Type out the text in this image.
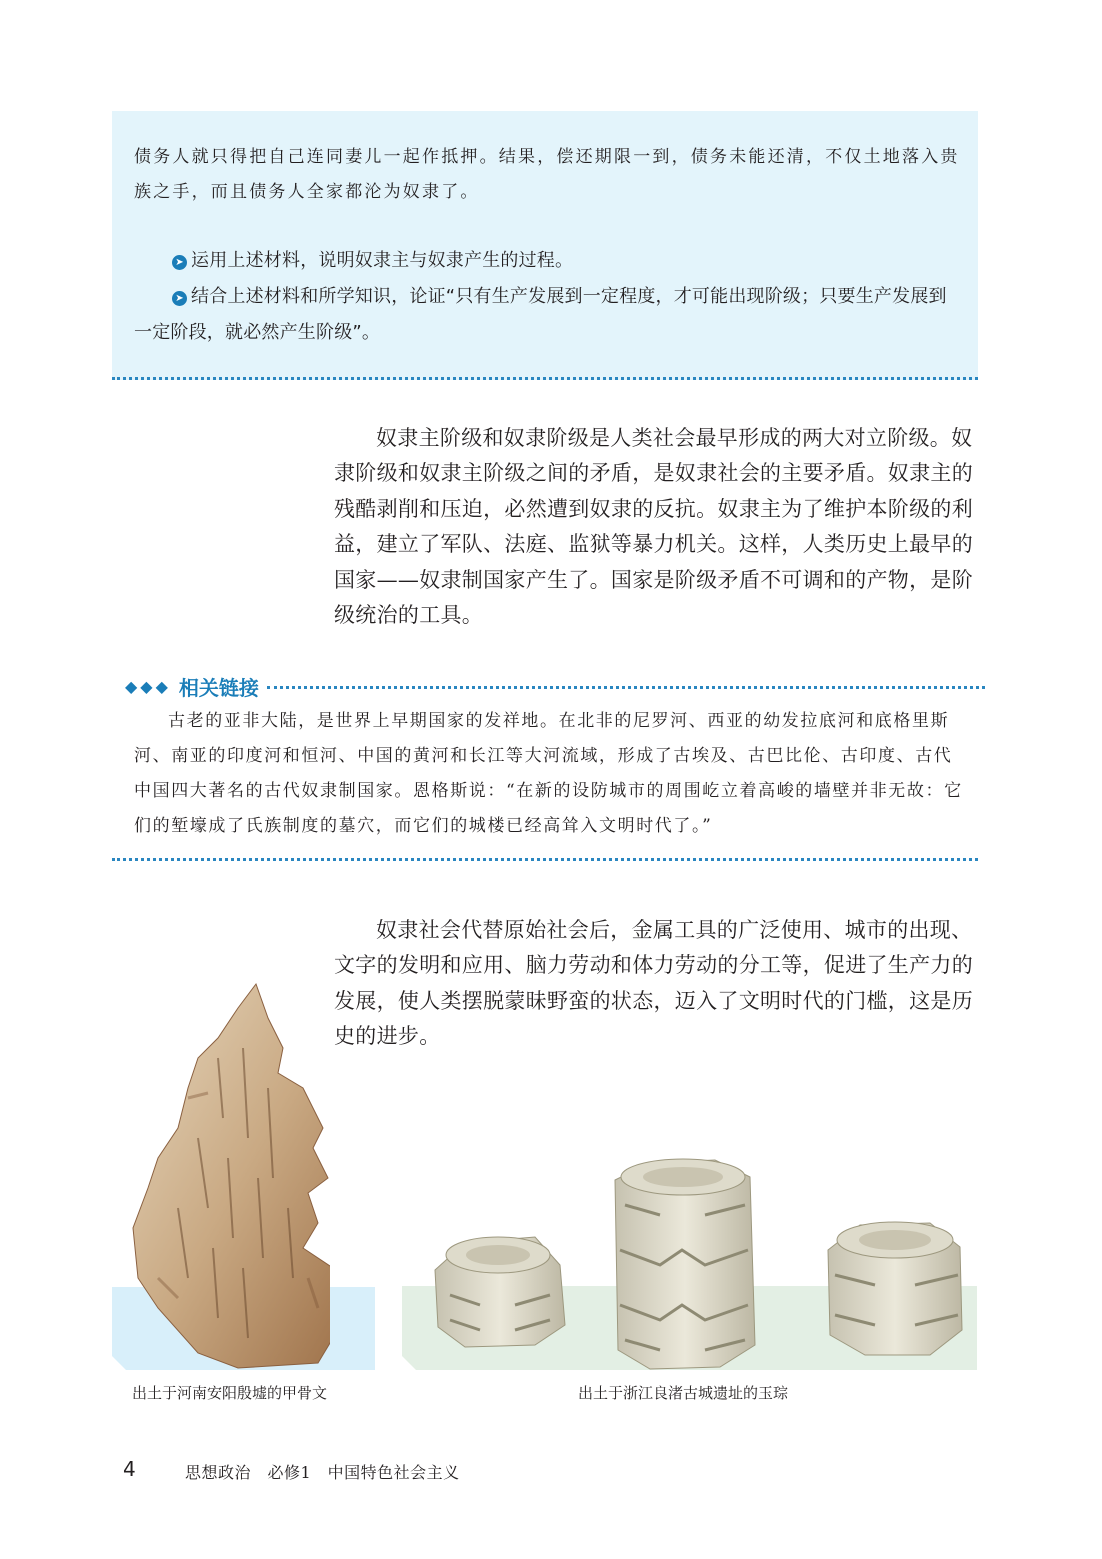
债务人就只得把自己连同妻儿一起作抵押。结果，偿还期限一到，债务未能还清，不仅土地落入贵族之手，而且债务人全家都沦为奴隶了。
➤ 运用上述材料，说明奴隶主与奴隶产生的过程。
➤ 结合上述材料和所学知识，论证“只有生产发展到一定程度，才可能出现阶级；只要生产发展到一定阶段，就必然产生阶级”。

奴隶主阶级和奴隶阶级是人类社会最早形成的两大对立阶级。奴隶阶级和奴隶主阶级之间的矛盾，是奴隶社会的主要矛盾。奴隶主的残酷剥削和压迫，必然遭到奴隶的反抗。奴隶主为了维护本阶级的利益，建立了军队、法庭、监狱等暴力机关。这样，人类历史上最早的国家——奴隶制国家产生了。国家是阶级矛盾不可调和的产物，是阶级统治的工具。

◆◆◆ 相关链接

古老的亚非大陆，是世界上早期国家的发祥地。在北非的尼罗河、西亚的幼发拉底河和底格里斯河、南亚的印度河和恒河、中国的黄河和长江等大河流域，形成了古埃及、古巴比伦、古印度、古代中国四大著名的古代奴隶制国家。恩格斯说：“在新的设防城市的周围屹立着高峻的墙壁并非无故：它们的堑壕成了氏族制度的墓穴，而它们的城楼已经高耸入文明时代了。”

奴隶社会代替原始社会后，金属工具的广泛使用、城市的出现、文字的发明和应用、脑力劳动和体力劳动的分工等，促进了生产力的发展，使人类摆脱蒙昧野蛮的状态，迈入了文明时代的门槛，这是历史的进步。

出土于河南安阳殷墟的甲骨文	出土于浙江良渚古城遗址的玉琮
4	思想政治　必修1　中国特色社会主义
